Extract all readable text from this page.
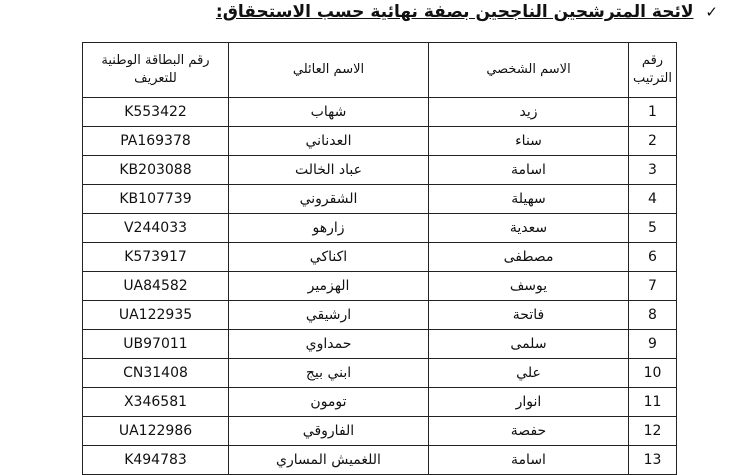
✓ لائحة المترشحين الناجحين بصفة نهائية حسب الاستحقاق:
رقم الترتيب	الاسم الشخصي	الاسم العائلي	رقم البطاقة الوطنية للتعريف
1	زيد	شهاب	K553422
2	سناء	العدناني	PA169378
3	اسامة	عباد الخالت	KB203088
4	سهيلة	الشقروني	KB107739
5	سعدية	زارهو	V244033
6	مصطفى	اكناكي	K573917
7	يوسف	الهزمير	UA84582
8	فاتحة	ارشيقي	UA122935
9	سلمى	حمداوي	UB97011
10	علي	ابني بيج	CN31408
11	انوار	تومون	X346581
12	حفصة	الفاروقي	UA122986
13	اسامة	اللغميش المساري	K494783
